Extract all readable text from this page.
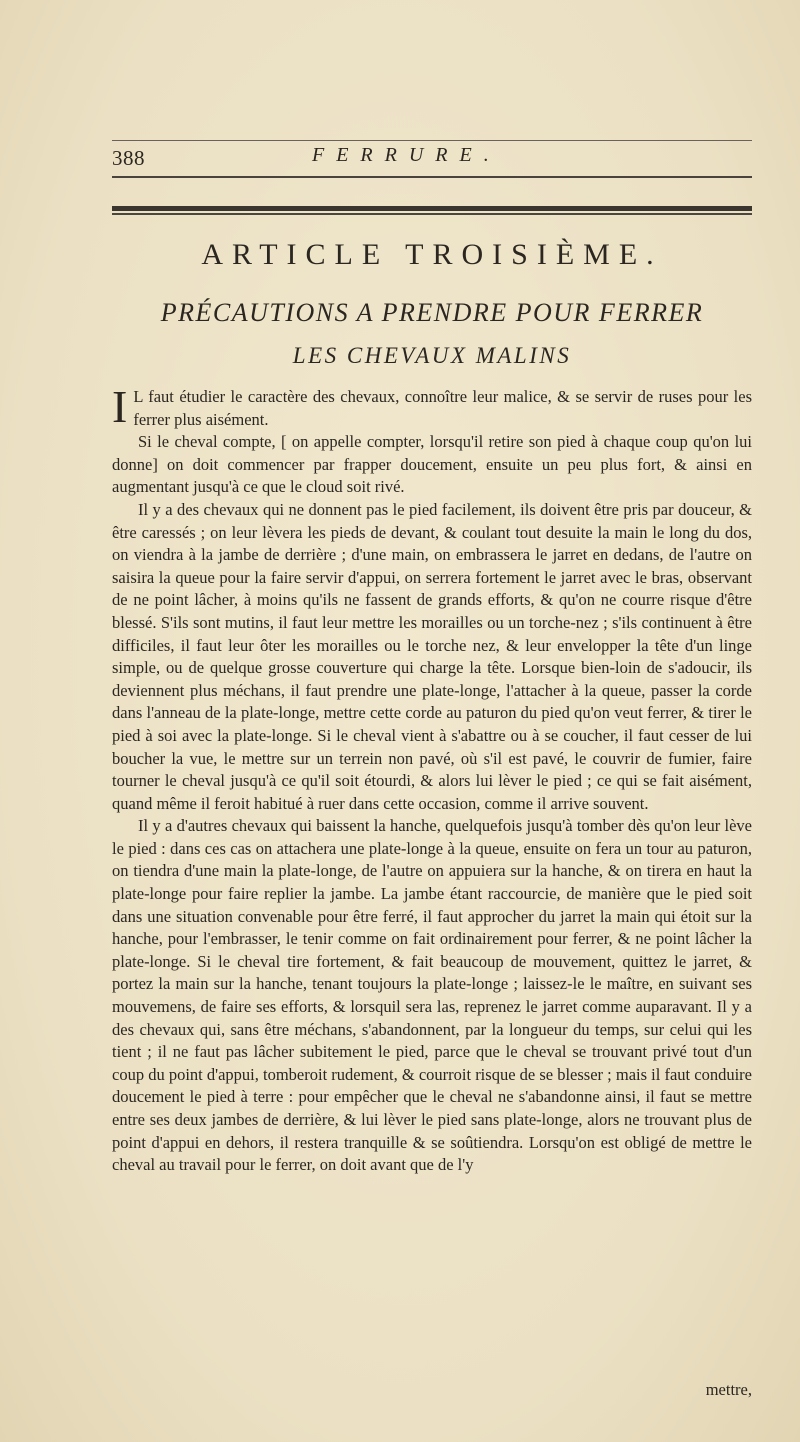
388	FERRURE.
ARTICLE TROISIÈME.
PRÉCAUTIONS A PRENDRE POUR FERRER
LES CHEVAUX MALINS

I L faut étudier le caractère des chevaux, connoître leur malice, & se servir de ruses pour les ferrer plus aisément.

Si le cheval compte, [ on appelle compter, lorsqu'il retire son pied à chaque coup qu'on lui donne] on doit commencer par frapper doucement, ensuite un peu plus fort, & ainsi en augmentant jusqu'à ce que le cloud soit rivé.

Il y a des chevaux qui ne donnent pas le pied facilement, ils doivent être pris par douceur, & être caressés ; on leur lèvera les pieds de devant, & coulant tout desuite la main le long du dos, on viendra à la jambe de derrière ; d'une main, on embrassera le jarret en dedans, de l'autre on saisira la queue pour la faire servir d'appui, on serrera fortement le jarret avec le bras, observant de ne point lâcher, à moins qu'ils ne fassent de grands efforts, & qu'on ne courre risque d'être blessé. S'ils sont mutins, il faut leur mettre les morailles ou un torche-nez ; s'ils continuent à être difficiles, il faut leur ôter les morailles ou le torche nez, & leur envelopper la tête d'un linge simple, ou de quelque grosse couverture qui charge la tête. Lorsque bien-loin de s'adoucir, ils deviennent plus méchans, il faut prendre une plate-longe, l'attacher à la queue, passer la corde dans l'anneau de la plate-longe, mettre cette corde au paturon du pied qu'on veut ferrer, & tirer le pied à soi avec la plate-longe. Si le cheval vient à s'abattre ou à se coucher, il faut cesser de lui boucher la vue, le mettre sur un terrein non pavé, où s'il est pavé, le couvrir de fumier, faire tourner le cheval jusqu'à ce qu'il soit étourdi, & alors lui lèver le pied ; ce qui se fait aisément, quand même il feroit habitué à ruer dans cette occasion, comme il arrive souvent.

Il y a d'autres chevaux qui baissent la hanche, quelquefois jusqu'à tomber dès qu'on leur lève le pied : dans ces cas on attachera une plate-longe à la queue, ensuite on fera un tour au paturon, on tiendra d'une main la plate-longe, de l'autre on appuiera sur la hanche, & on tirera en haut la plate-longe pour faire replier la jambe. La jambe étant raccourcie, de manière que le pied soit dans une situation convenable pour être ferré, il faut approcher du jarret la main qui étoit sur la hanche, pour l'embrasser, le tenir comme on fait ordinairement pour ferrer, & ne point lâcher la plate-longe. Si le cheval tire fortement, & fait beaucoup de mouvement, quittez le jarret, & portez la main sur la hanche, tenant toujours la plate-longe ; laissez-le le maître, en suivant ses mouvemens, de faire ses efforts, & lorsquil sera las, reprenez le jarret comme auparavant. Il y a des chevaux qui, sans être méchans, s'abandonnent, par la longueur du temps, sur celui qui les tient ; il ne faut pas lâcher subitement le pied, parce que le cheval se trouvant privé tout d'un coup du point d'appui, tomberoit rudement, & courroit risque de se blesser ; mais il faut conduire doucement le pied à terre : pour empêcher que le cheval ne s'abandonne ainsi, il faut se mettre entre ses deux jambes de derrière, & lui lèver le pied sans plate-longe, alors ne trouvant plus de point d'appui en dehors, il restera tranquille & se soûtiendra. Lorsqu'on est obligé de mettre le cheval au travail pour le ferrer, on doit avant que de l'y

mettre,
